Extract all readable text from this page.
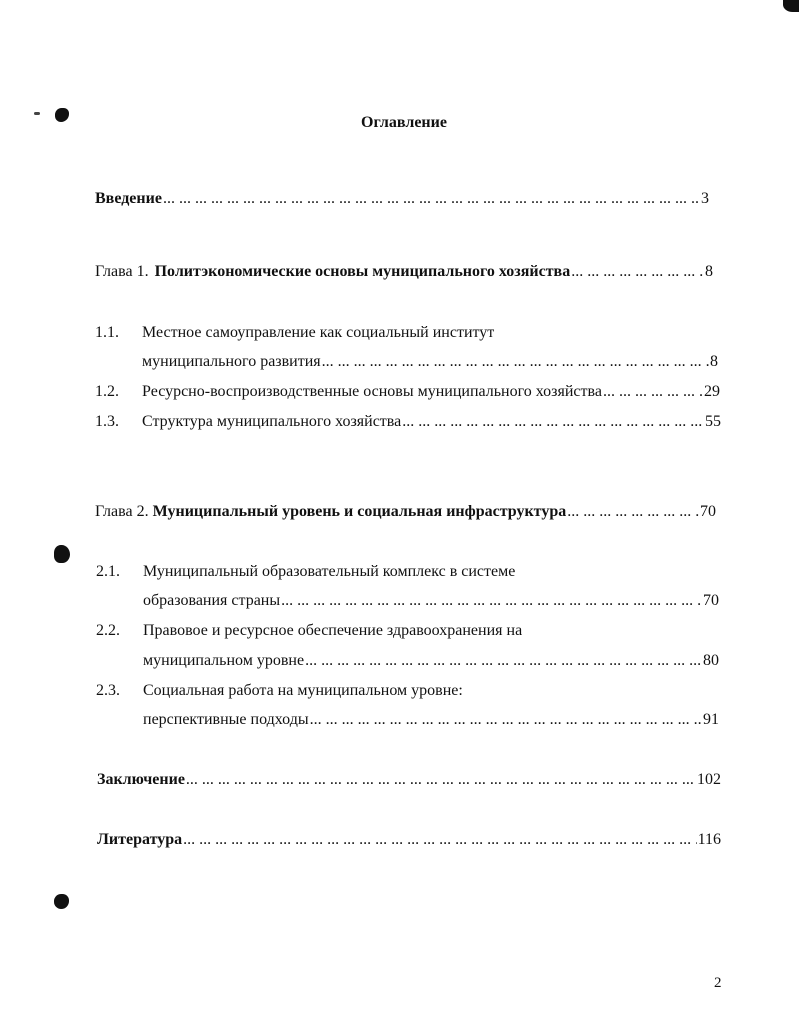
Оглавление
Введение ... .	3
Глава 1. Политэкономические основы муниципального хозяйства ... .	8
1.1. Местное самоуправление как социальный институт
муниципального развития ... .	8
1.2. Ресурсно-воспроизводственные основы муниципального хозяйства ... .	29
1.3. Структура муниципального хозяйства ... .	55
Глава 2. Муниципальный уровень и социальная инфраструктура ... .	70
2.1. Муниципальный образовательный комплекс в системе
образования страны ... .	70
2.2. Правовое и ресурсное обеспечение здравоохранения на
муниципальном уровне ... .	80
2.3. Социальная работа на муниципальном уровне:
перспективные подходы ... .	91
Заключение ... .	102
Литература ... .	116
2
